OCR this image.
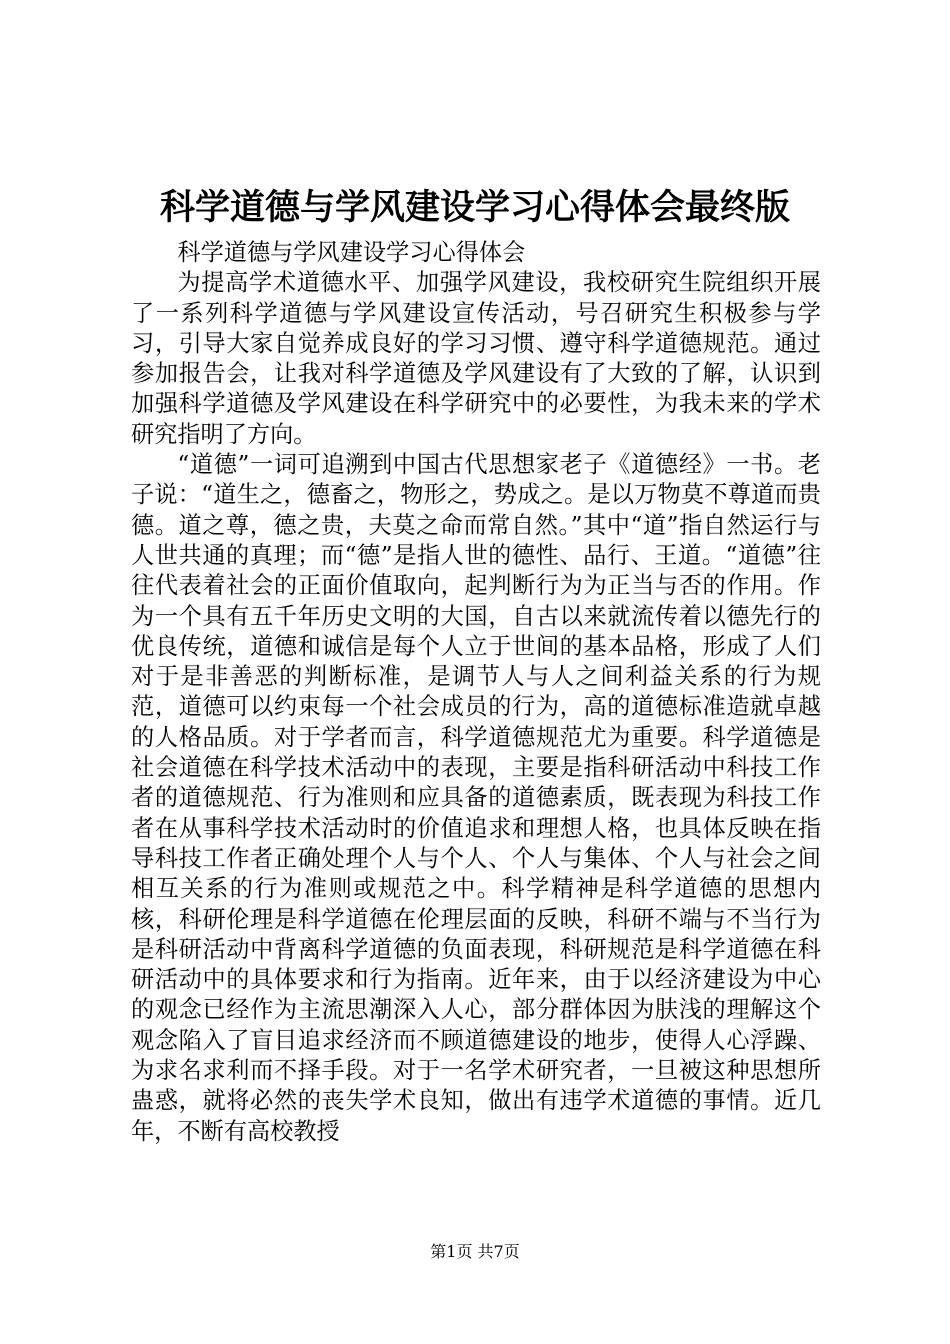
科学道德与学风建设学习心得体会最终版

科学道德与学风建设学习心得体会

为提高学术道德水平、加强学风建设，我校研究生院组织开展了一系列科学道德与学风建设宣传活动，号召研究生积极参与学习，引导大家自觉养成良好的学习习惯、遵守科学道德规范。通过参加报告会，让我对科学道德及学风建设有了大致的了解，认识到加强科学道德及学风建设在科学研究中的必要性，为我未来的学术研究指明了方向。

“道德”一词可追溯到中国古代思想家老子《道德经》一书。老子说：“道生之，德畜之，物形之，势成之。是以万物莫不尊道而贵德。道之尊，德之贵，夫莫之命而常自然。”其中“道”指自然运行与人世共通的真理；而“德”是指人世的德性、品行、王道。“道德”往往代表着社会的正面价值取向，起判断行为为正当与否的作用。作为一个具有五千年历史文明的大国，自古以来就流传着以德先行的优良传统，道德和诚信是每个人立于世间的基本品格，形成了人们对于是非善恶的判断标准，是调节人与人之间利益关系的行为规范，道德可以约束每一个社会成员的行为，高的道德标准造就卓越的人格品质。对于学者而言，科学道德规范尤为重要。科学道德是社会道德在科学技术活动中的表现，主要是指科研活动中科技工作者的道德规范、行为准则和应具备的道德素质，既表现为科技工作者在从事科学技术活动时的价值追求和理想人格，也具体反映在指导科技工作者正确处理个人与个人、个人与集体、个人与社会之间相互关系的行为准则或规范之中。科学精神是科学道德的思想内核，科研伦理是科学道德在伦理层面的反映，科研不端与不当行为是科研活动中背离科学道德的负面表现，科研规范是科学道德在科研活动中的具体要求和行为指南。近年来，由于以经济建设为中心的观念已经作为主流思潮深入人心，部分群体因为肤浅的理解这个观念陷入了盲目追求经济而不顾道德建设的地步，使得人心浮躁、为求名求利而不择手段。对于一名学术研究者，一旦被这种思想所蛊惑，就将必然的丧失学术良知，做出有违学术道德的事情。近几年，不断有高校教授

第1页 共7页
